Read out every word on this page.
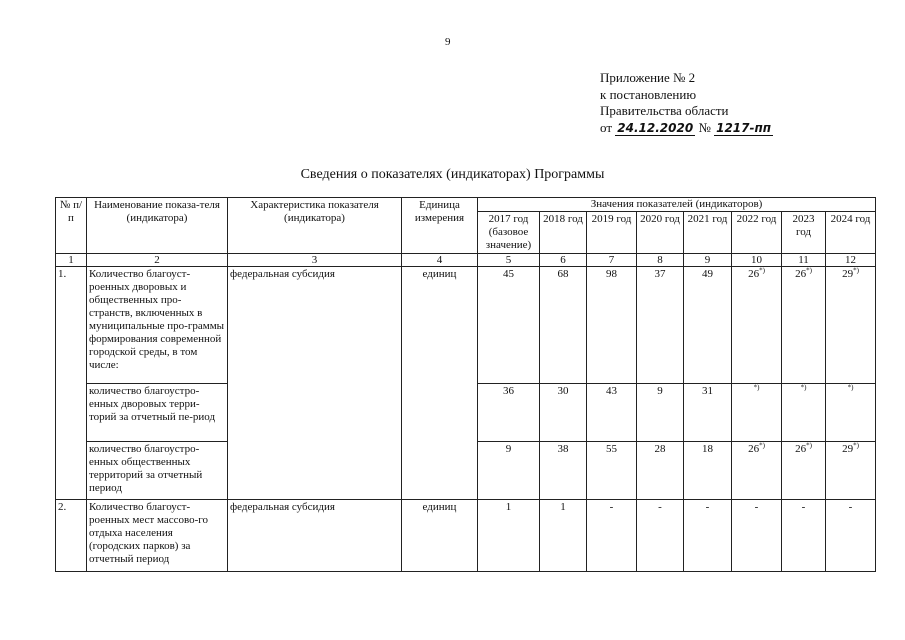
9
Приложение № 2
к постановлению
Правительства области
от
24.12.2020
№
1217-пп
Сведения о показателях (индикаторах) Программы
№ п/п	Наименование показа-теля (индикатора)	Характеристика показателя (индикатора)	Единица измерения	Значения показателей (индикаторов)							
				2017 год (базовое значение)	2018 год	2019 год	2020 год	2021 год	2022 год	2023 год	2024 год
1	2	3	4	5	6	7	8	9	10	11	12
1.	Количество благоуст-роенных дворовых и общественных про-странств, включенных в муниципальные про-граммы формирования современной городской среды, в том числе:	федеральная субсидия	единиц	45	68	98	37	49	26*)	26*)	29*)
	количество благоустро-енных дворовых терри-торий за отчетный пе-риод			36	30	43	9	31	*)	*)	*)
	количество благоустро-енных общественных территорий за отчетный период			9	38	55	28	18	26*)	26*)	29*)
2.	Количество благоуст-роенных мест массово-го отдыха населения (городских парков) за отчетный период	федеральная субсидия	единиц	1	1	-	-	-	-	-	-
